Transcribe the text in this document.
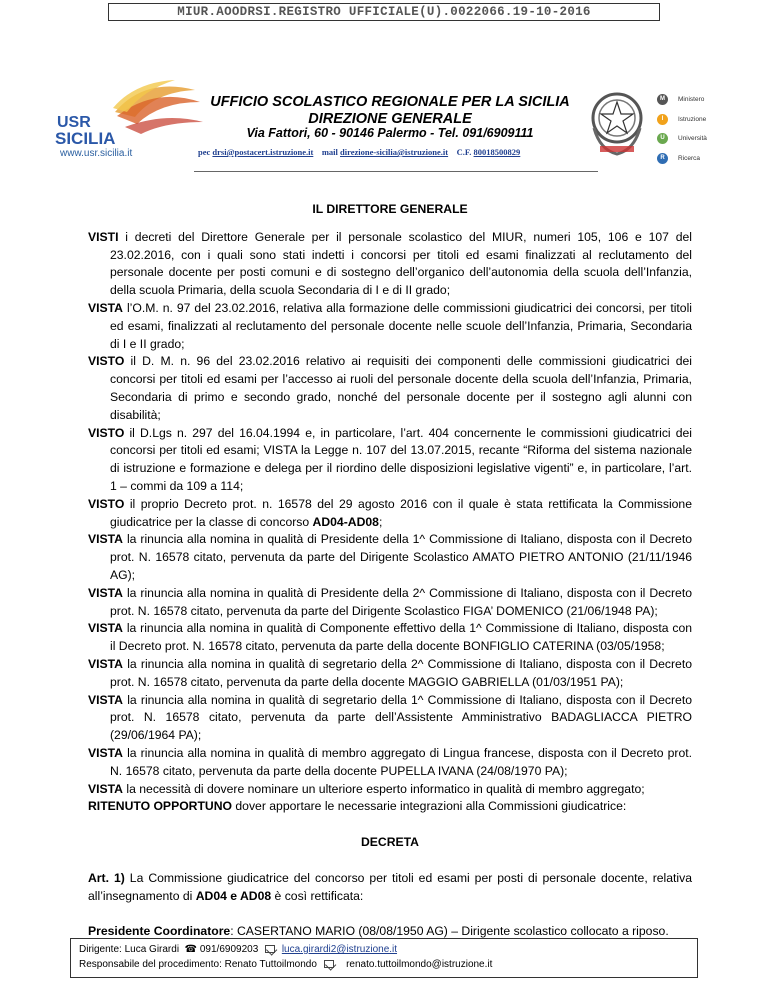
MIUR.AOODRSI.REGISTRO UFFICIALE(U).0022066.19-10-2016
USR
SICILIA
www.usr.sicilia.it
UFFICIO SCOLASTICO REGIONALE PER LA SICILIA
DIREZIONE GENERALE
Via Fattori, 60 - 90146 Palermo - Tel. 091/6909111
pec drsi@postacert.istruzione.it mail direzione-sicilia@istruzione.it C.F. 80018500829
M	Ministero
I	Istruzione
U	Università
R	Ricerca
IL DIRETTORE GENERALE

VISTI i decreti del Direttore Generale per il personale scolastico del MIUR, numeri 105, 106 e 107 del 23.02.2016, con i quali sono stati indetti i concorsi per titoli ed esami finalizzati al reclutamento del personale docente per posti comuni e di sostegno dell’organico dell’autonomia della scuola dell’Infanzia, della scuola Primaria, della scuola Secondaria di I e di II grado;

VISTA l’O.M. n. 97 del 23.02.2016, relativa alla formazione delle commissioni giudicatrici dei concorsi, per titoli ed esami, finalizzati al reclutamento del personale docente nelle scuole dell’Infanzia, Primaria, Secondaria di I e II grado;

VISTO il D. M. n. 96 del 23.02.2016 relativo ai requisiti dei componenti delle commissioni giudicatrici dei concorsi per titoli ed esami per l’accesso ai ruoli del personale docente della scuola dell’Infanzia, Primaria, Secondaria di primo e secondo grado, nonché del personale docente per il sostegno agli alunni con disabilità;

VISTO il D.Lgs n. 297 del 16.04.1994 e, in particolare, l’art. 404 concernente le commissioni giudicatrici dei concorsi per titoli ed esami; VISTA la Legge n. 107 del 13.07.2015, recante “Riforma del sistema nazionale di istruzione e formazione e delega per il riordino delle disposizioni legislative vigenti” e, in particolare, l’art. 1 – commi da 109 a 114;

VISTO il proprio Decreto prot. n. 16578 del 29 agosto 2016 con il quale è stata rettificata la Commissione giudicatrice per la classe di concorso AD04-AD08;

VISTA la rinuncia alla nomina in qualità di Presidente della 1^ Commissione di Italiano, disposta con il Decreto prot. N. 16578 citato, pervenuta da parte del Dirigente Scolastico AMATO PIETRO ANTONIO (21/11/1946 AG);

VISTA la rinuncia alla nomina in qualità di Presidente della 2^ Commissione di Italiano, disposta con il Decreto prot. N. 16578 citato, pervenuta da parte del Dirigente Scolastico FIGA’ DOMENICO (21/06/1948 PA);

VISTA la rinuncia alla nomina in qualità di Componente effettivo della 1^ Commissione di Italiano, disposta con il Decreto prot. N. 16578 citato, pervenuta da parte della docente BONFIGLIO CATERINA (03/05/1958;

VISTA la rinuncia alla nomina in qualità di segretario della 2^ Commissione di Italiano, disposta con il Decreto prot. N. 16578 citato, pervenuta da parte della docente MAGGIO GABRIELLA (01/03/1951 PA);

VISTA la rinuncia alla nomina in qualità di segretario della 1^ Commissione di Italiano, disposta con il Decreto prot. N. 16578 citato, pervenuta da parte dell’Assistente Amministrativo BADAGLIACCA PIETRO (29/06/1964 PA);

VISTA la rinuncia alla nomina in qualità di membro aggregato di Lingua francese, disposta con il Decreto prot. N. 16578 citato, pervenuta da parte della docente PUPELLA IVANA (24/08/1970 PA);

VISTA la necessità di dovere nominare un ulteriore esperto informatico in qualità di membro aggregato;

RITENUTO OPPORTUNO dover apportare le necessarie integrazioni alla Commissioni giudicatrice:

DECRETA

Art. 1) La Commissione giudicatrice del concorso per titoli ed esami per posti di personale docente, relativa all’insegnamento di AD04 e AD08 è così rettificata:

Presidente Coordinatore: CASERTANO MARIO (08/08/1950 AG) – Dirigente scolastico collocato a riposo.

Dirigente: Luca Girardi ☎ 091/6909203 luca.girardi2@istruzione.it
Responsabile del procedimento: Renato Tuttoilmondo	renato.tuttoilmondo@istruzione.it
